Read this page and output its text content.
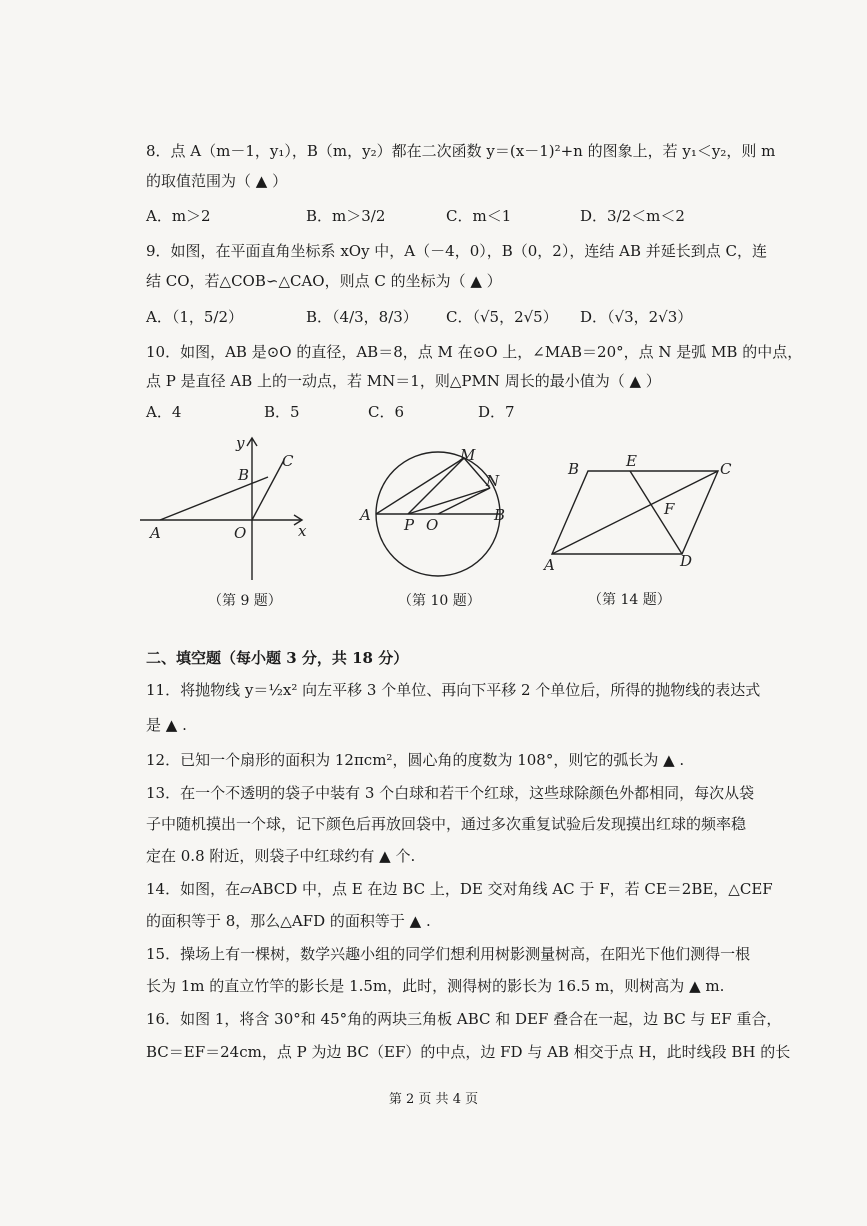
8．点 A（m－1，y₁），B（m，y₂）都在二次函数 y＝(x－1)²+n 的图象上，若 y₁＜y₂，则 m
的取值范围为（ ▲ ）
A．m＞2	B．m＞3/2	C．m＜1	D．3/2＜m＜2
9．如图，在平面直角坐标系 xOy 中，A（－4，0），B（0，2），连结 AB 并延长到点 C，连
结 CO，若△COB∽△CAO，则点 C 的坐标为（ ▲ ）
A．（1，5/2）	B．（4/3，8/3） C．（√5，2√5） D．（√3，2√3）
10．如图，AB 是⊙O 的直径，AB＝8，点 M 在⊙O 上，∠MAB＝20°，点 N 是弧 MB 的中点，
点 P 是直径 AB 上的一动点，若 MN＝1，则△PMN 周长的最小值为（ ▲ ）
A．4	B．5	C．6	D．7
y
x
A
B
C
O
A	B
M
N
P O
B	E	C
F
A	D
（第 9 题）	（第 10 题）	（第 14 题）
二、填空题（每小题 3 分，共 18 分）
11．将抛物线 y＝½x² 向左平移 3 个单位、再向下平移 2 个单位后，所得的抛物线的表达式
是 ▲ .
12．已知一个扇形的面积为 12πcm²，圆心角的度数为 108°，则它的弧长为 ▲ .
13．在一个不透明的袋子中装有 3 个白球和若干个红球，这些球除颜色外都相同，每次从袋
子中随机摸出一个球，记下颜色后再放回袋中，通过多次重复试验后发现摸出红球的频率稳
定在 0.8 附近，则袋子中红球约有 ▲ 个.
14．如图，在▱ABCD 中，点 E 在边 BC 上，DE 交对角线 AC 于 F，若 CE＝2BE，△CEF
的面积等于 8，那么△AFD 的面积等于 ▲ .
15．操场上有一棵树，数学兴趣小组的同学们想利用树影测量树高，在阳光下他们测得一根
长为 1m 的直立竹竿的影长是 1.5m，此时，测得树的影长为 16.5 m，则树高为 ▲ m.
16．如图 1，将含 30°和 45°角的两块三角板 ABC 和 DEF 叠合在一起，边 BC 与 EF 重合，
BC＝EF＝24cm，点 P 为边 BC（EF）的中点，边 FD 与 AB 相交于点 H，此时线段 BH 的长
第 2 页 共 4 页
